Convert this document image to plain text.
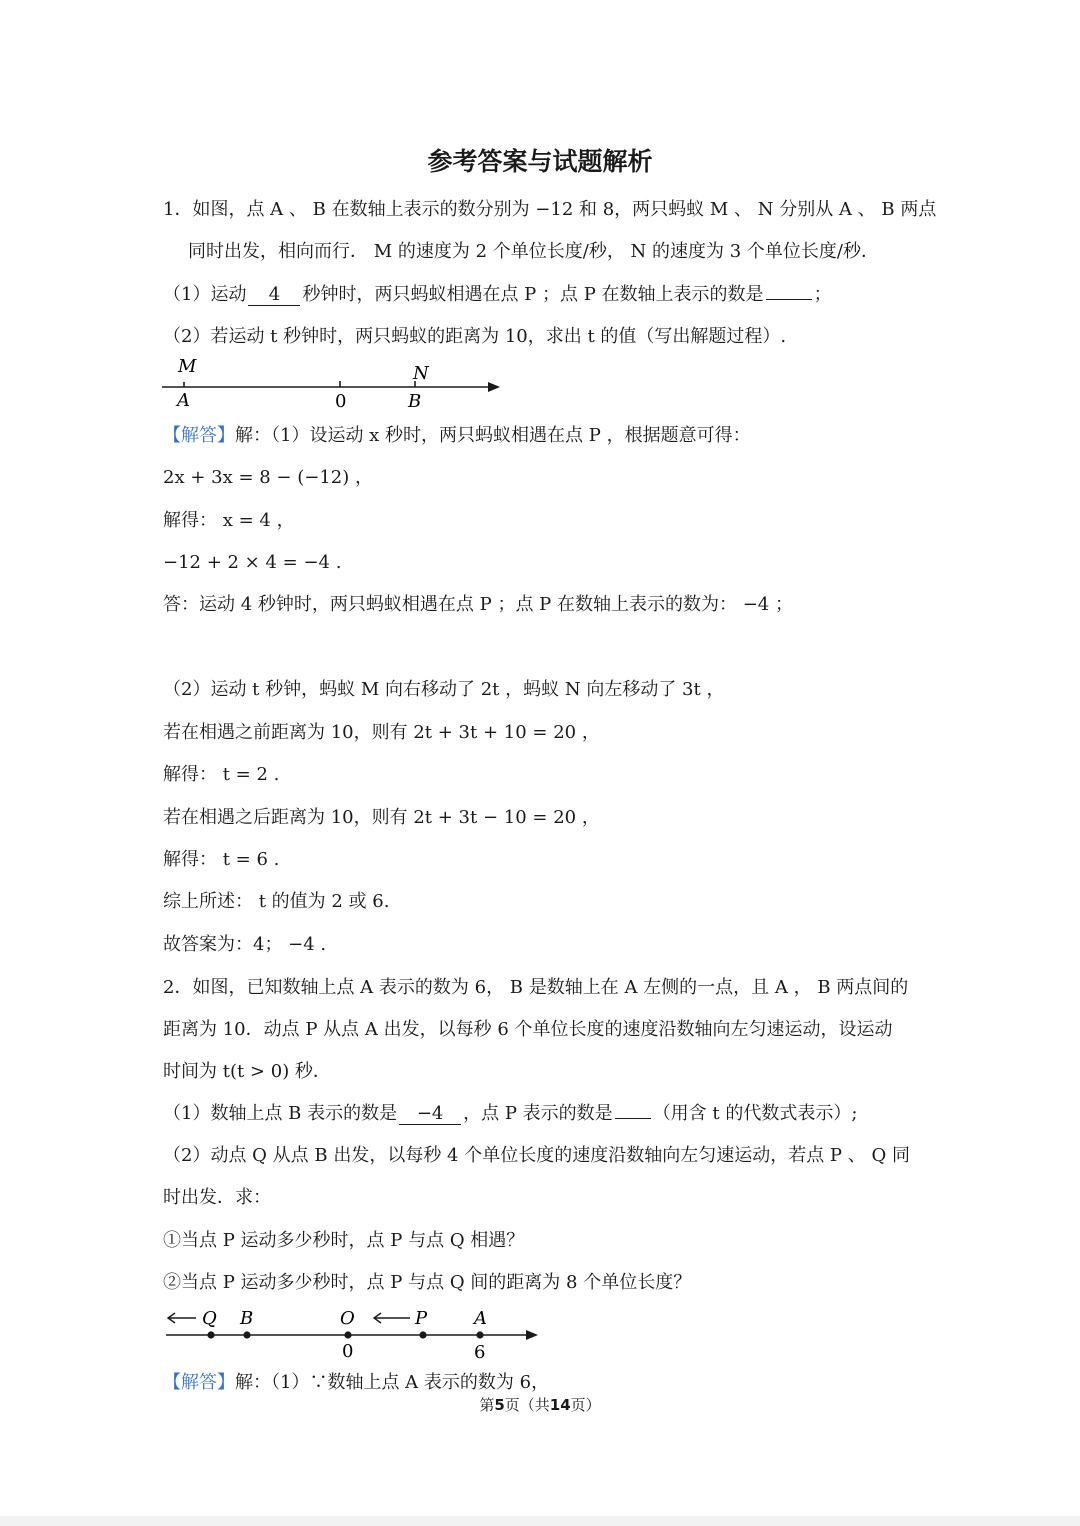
参考答案与试题解析
1．如图，点 A 、 B 在数轴上表示的数分别为 −12 和 8，两只蚂蚁 M 、 N 分别从 A 、 B 两点
同时出发，相向而行． M 的速度为 2 个单位长度/秒， N 的速度为 3 个单位长度/秒．
（1）运动 4 秒钟时，两只蚂蚁相遇在点 P ；点 P 在数轴上表示的数是	；
（2）若运动 t 秒钟时，两只蚂蚁的距离为 10，求出 t 的值（写出解题过程）.
M
A	0
N
B
【解答】解：（1）设运动 x 秒时，两只蚂蚁相遇在点 P ，根据题意可得：
2x + 3x = 8 − (−12) ，
解得： x = 4 ，
−12 + 2 × 4 = −4 .
答：运动 4 秒钟时，两只蚂蚁相遇在点 P ；点 P 在数轴上表示的数为： −4 ；
（2）运动 t 秒钟，蚂蚁 M 向右移动了 2t ，蚂蚁 N 向左移动了 3t ，
若在相遇之前距离为 10，则有 2t + 3t + 10 = 20 ，
解得： t = 2 .
若在相遇之后距离为 10，则有 2t + 3t − 10 = 20 ，
解得： t = 6 .
综上所述： t 的值为 2 或 6.
故答案为：4； −4 .
2．如图，已知数轴上点 A 表示的数为 6， B 是数轴上在 A 左侧的一点，且 A ， B 两点间的
距离为 10．动点 P 从点 A 出发，以每秒 6 个单位长度的速度沿数轴向左匀速运动，设运动
时间为 t(t > 0) 秒．
（1）数轴上点 B 表示的数是 −4 ，点 P 表示的数是 （用含 t 的代数式表示）;
（2）动点 Q 从点 B 出发，以每秒 4 个单位长度的速度沿数轴向左匀速运动，若点 P 、 Q 同
时出发．求：
①当点 P 运动多少秒时，点 P 与点 Q 相遇？
②当点 P 运动多少秒时，点 P 与点 Q 间的距离为 8 个单位长度？
Q B	O
0
P	A
6
【解答】解：（1）∵数轴上点 A 表示的数为 6，
第5页（共14页）
